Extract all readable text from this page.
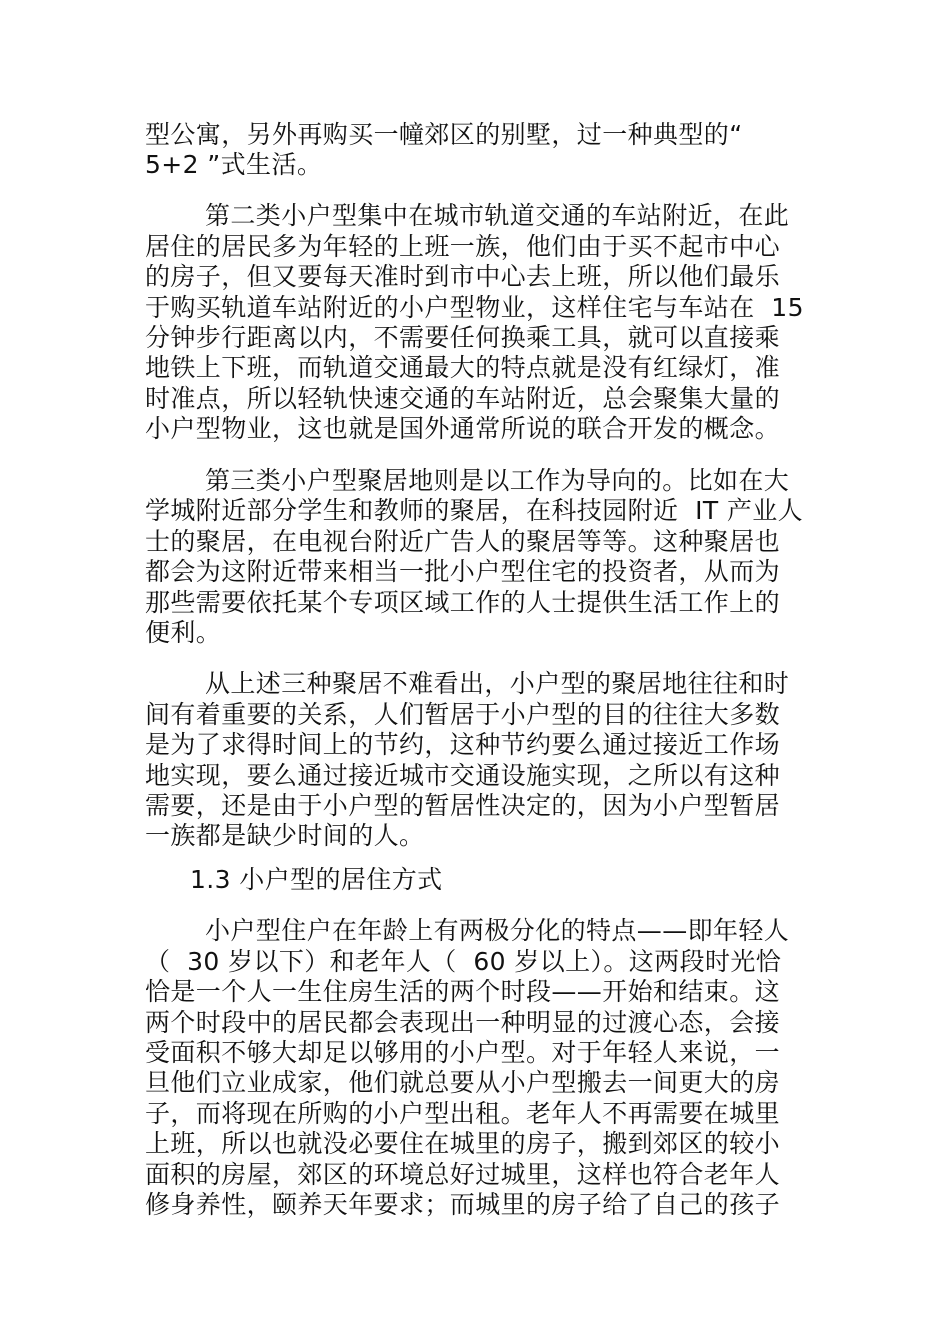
型公寓，另外再购买一幢郊区的别墅，过一种典型的“
5+2 ”式生活。
第二类小户型集中在城市轨道交通的车站附近，在此
居住的居民多为年轻的上班一族，他们由于买不起市中心
的房子，但又要每天准时到市中心去上班，所以他们最乐
于购买轨道车站附近的小户型物业，这样住宅与车站在  15
分钟步行距离以内，不需要任何换乘工具，就可以直接乘
地铁上下班，而轨道交通最大的特点就是没有红绿灯，准
时准点，所以轻轨快速交通的车站附近，总会聚集大量的
小户型物业，这也就是国外通常所说的联合开发的概念。
第三类小户型聚居地则是以工作为导向的。比如在大
学城附近部分学生和教师的聚居，在科技园附近  IT 产业人
士的聚居，在电视台附近广告人的聚居等等。这种聚居也
都会为这附近带来相当一批小户型住宅的投资者，从而为
那些需要依托某个专项区域工作的人士提供生活工作上的
便利。
从上述三种聚居不难看出，小户型的聚居地往往和时
间有着重要的关系，人们暂居于小户型的目的往往大多数
是为了求得时间上的节约，这种节约要么通过接近工作场
地实现，要么通过接近城市交通设施实现，之所以有这种
需要，还是由于小户型的暂居性决定的，因为小户型暂居
一族都是缺少时间的人。
1.3 小户型的居住方式
小户型住户在年龄上有两极分化的特点——即年轻人
（  30 岁以下）和老年人（  60 岁以上）。这两段时光恰
恰是一个人一生住房生活的两个时段——开始和结束。这
两个时段中的居民都会表现出一种明显的过渡心态，会接
受面积不够大却足以够用的小户型。对于年轻人来说，一
旦他们立业成家，他们就总要从小户型搬去一间更大的房
子，而将现在所购的小户型出租。老年人不再需要在城里
上班，所以也就没必要住在城里的房子，搬到郊区的较小
面积的房屋，郊区的环境总好过城里，这样也符合老年人
修身养性，颐养天年要求；而城里的房子给了自己的孩子
